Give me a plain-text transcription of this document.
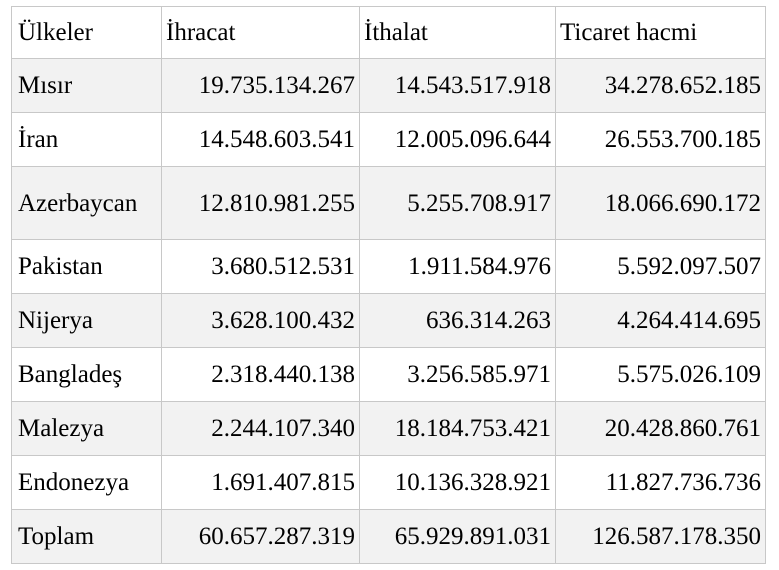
Ülkeler	İhracat	İthalat	Ticaret hacmi
Mısır	19.735.134.267	14.543.517.918	34.278.652.185
İran	14.548.603.541	12.005.096.644	26.553.700.185
Azerbaycan	12.810.981.255	5.255.708.917	18.066.690.172
Pakistan	3.680.512.531	1.911.584.976	5.592.097.507
Nijerya	3.628.100.432	636.314.263	4.264.414.695
Bangladeş	2.318.440.138	3.256.585.971	5.575.026.109
Malezya	2.244.107.340	18.184.753.421	20.428.860.761
Endonezya	1.691.407.815	10.136.328.921	11.827.736.736
Toplam	60.657.287.319	65.929.891.031	126.587.178.350
